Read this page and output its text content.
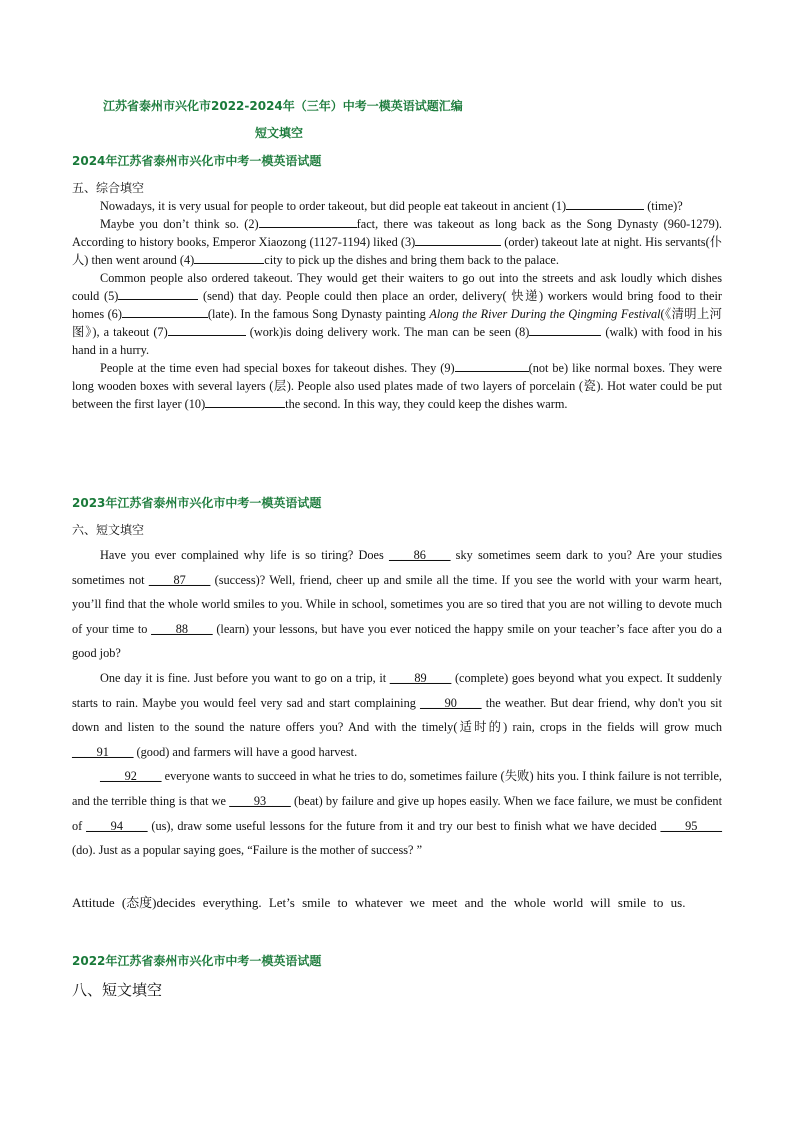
江苏省泰州市兴化市2022-2024年（三年）中考一模英语试题汇编
短文填空
2024年江苏省泰州市兴化市中考一模英语试题
五、综合填空
Nowadays, it is very usual for people to order takeout, but did people eat takeout in ancient (1)	(time)?
Maybe you don’t think so. (2)	fact, there was takeout as long back as the Song Dynasty (960-1279). According to history books, Emperor Xiaozong (1127-1194) liked (3)	(order) takeout late at night. His servants(仆人) then went around (4)	city to pick up the dishes and bring them back to the palace.
Common people also ordered takeout. They would get their waiters to go out into the streets and ask loudly which dishes could (5)	(send) that day. People could then place an order, delivery( 快递) workers would bring food to their homes (6)	(late). In the famous Song Dynasty painting Along the River During the Qingming Festival(《清明上河图》), a takeout (7)	(work)is doing delivery work. The man can be seen (8)	(walk) with food in his hand in a hurry.
People at the time even had special boxes for takeout dishes. They (9)	(not be) like normal boxes. They were long wooden boxes with several layers (层). People also used plates made of two layers of porcelain (瓷). Hot water could be put between the first layer (10)	the second. In this way, they could keep the dishes warm.
2023年江苏省泰州市兴化市中考一模英语试题
六、短文填空
Have you ever complained why life is so tiring? Does ____86____ sky sometimes seem dark to you? Are your studies sometimes not ____87____ (success)? Well, friend, cheer up and smile all the time. If you see the world with your warm heart, you’ll find that the whole world smiles to you. While in school, sometimes you are so tired that you are not willing to devote much of your time to ____88____ (learn) your lessons, but have you ever noticed the happy smile on your teacher’s face after you do a good job?
One day it is fine. Just before you want to go on a trip, it ____89____ (complete) goes beyond what you expect. It suddenly starts to rain. Maybe you would feel very sad and start complaining ____90____ the weather. But dear friend, why don't you sit down and listen to the sound the nature offers you? And with the timely(适时的) rain, crops in the fields will grow much ____91____ (good) and farmers will have a good harvest.
____92____ everyone wants to succeed in what he tries to do, sometimes failure (失败) hits you. I think failure is not terrible, and the terrible thing is that we ____93____ (beat) by failure and give up hopes easily. When we face failure, we must be confident of ____94____ (us), draw some useful lessons for the future from it and try our best to finish what we have decided ____95____ (do). Just as a popular saying goes, “Failure is the mother of success? ”
Attitude (态度)decides everything. Let’s smile to whatever we meet and the whole world will smile to us.
2022年江苏省泰州市兴化市中考一模英语试题
八、短文填空
